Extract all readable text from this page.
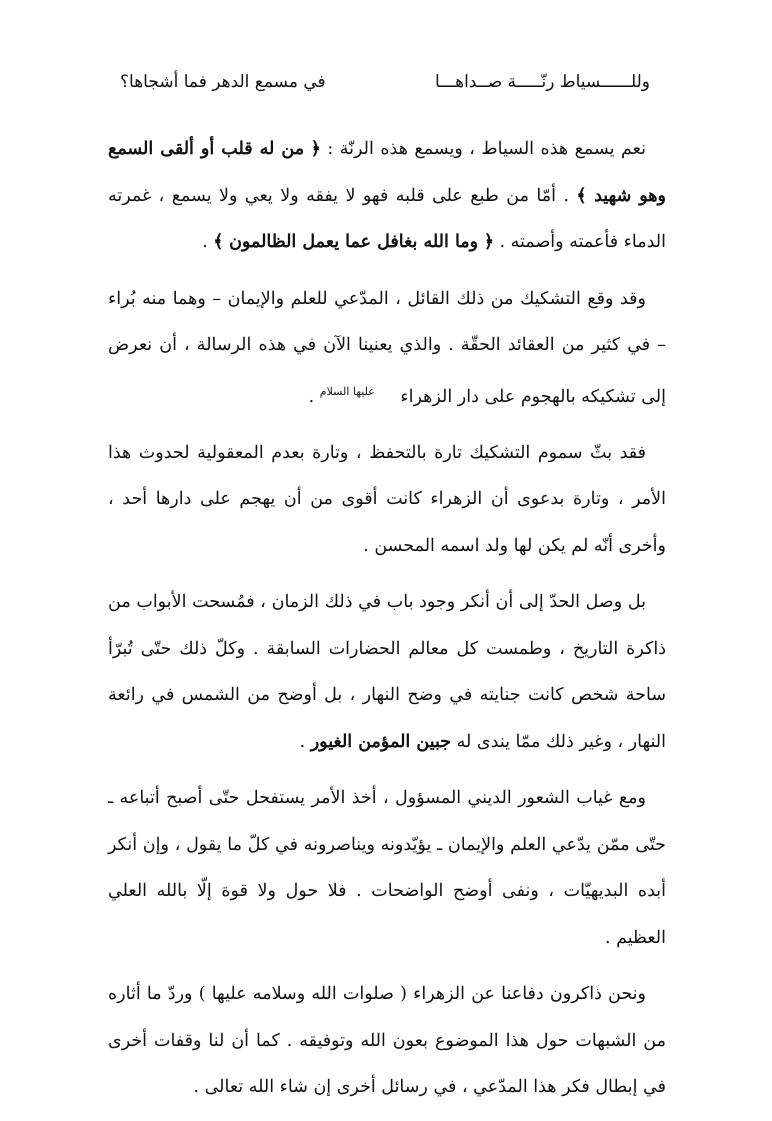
وللــــــسياط رنّـــــة صــداهـــا
في مسمع الدهر فما أشجاها؟

نعم يسمع هذه السياط ، ويسمع هذه الرنّة : ﴿ من له قلب أو ألقى السمع وهو شهيد ﴾ . أمّا من طبع على قلبه فهو لا يفقه ولا يعي ولا يسمع ، غمرته الدماء فأعمته وأصمته . ﴿ وما الله بغافل عما يعمل الظالمون ﴾ .

وقد وقع التشكيك من ذلك القائل ، المدّعي للعلم والإيمان – وهما منه بُراء – في كثير من العقائد الحقّة . والذي يعنينا الآن في هذه الرسالة ، أن نعرض إلى تشكيكه بالهجوم على دار الزهراء عليها السلام .

فقد بثّ سموم التشكيك تارة بالتحفظ ، وتارة بعدم المعقولية لحدوث هذا الأمر ، وتارة بدعوى أن الزهراء كانت أقوى من أن يهجم على دارها أحد ، وأخرى أنّه لم يكن لها ولد اسمه المحسن .

بل وصل الحدّ إلى أن أنكر وجود باب في ذلك الزمان ، فمُسحت الأبواب من ذاكرة التاريخ ، وطمست كل معالم الحضارات السابقة . وكلّ ذلك حتّى تُبرّأ ساحة شخص كانت جنايته في وضح النهار ، بل أوضح من الشمس في رائعة النهار ، وغير ذلك ممّا يندى له جبين المؤمن الغيور .

ومع غياب الشعور الديني المسؤول ، أخذ الأمر يستفحل حتّى أصبح أتباعه ـ حتّى ممّن يدّعي العلم والإيمان ـ يؤيّدونه ويناصرونه في كلّ ما يقول ، وإن أنكر أبده البديهيّات ، ونفى أوضح الواضحات . فلا حول ولا قوة إلّا بالله العلي العظيم .

ونحن ذاكرون دفاعنا عن الزهراء ( صلوات الله وسلامه عليها ) وردّ ما أثاره من الشبهات حول هذا الموضوع بعون الله وتوفيقه . كما أن لنا وقفات أخرى في إبطال فكر هذا المدّعي ، في رسائل أخرى إن شاء الله تعالى .
